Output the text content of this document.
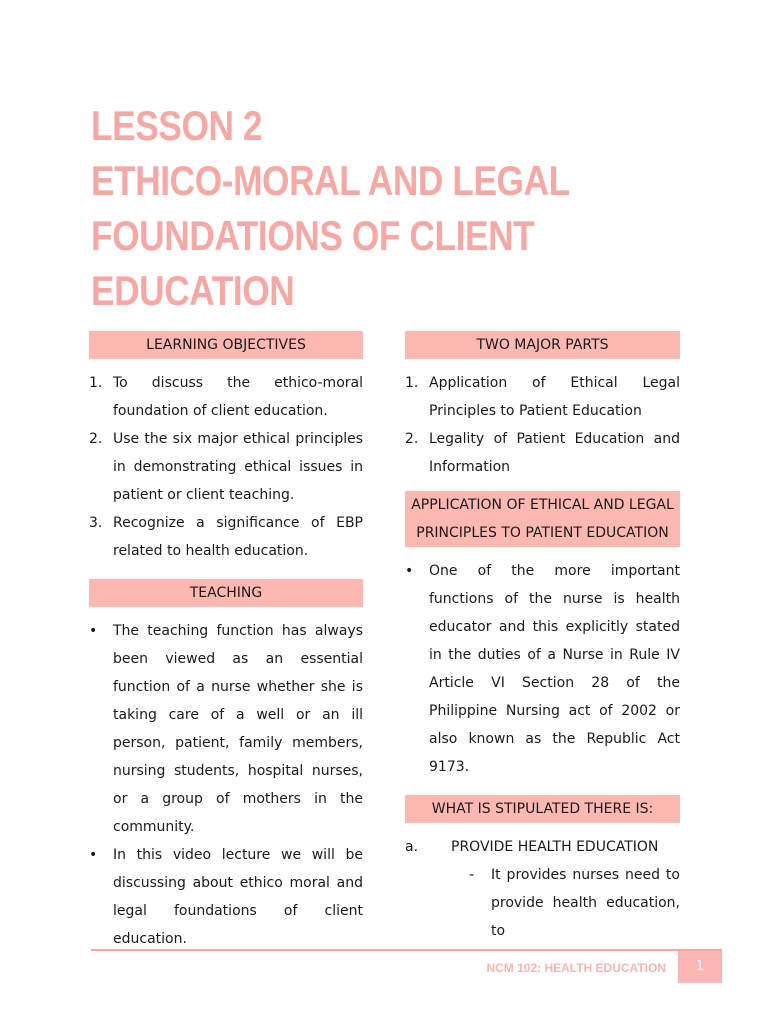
LESSON 2
ETHICO-MORAL AND LEGAL
FOUNDATIONS OF CLIENT
EDUCATION
LEARNING OBJECTIVES
1. To discuss the ethico-moral foundation of client education.
2. Use the six major ethical principles in demonstrating ethical issues in patient or client teaching.
3. Recognize a significance of EBP related to health education.
TEACHING
•	The teaching function has always been viewed as an essential function of a nurse whether she is taking care of a well or an ill person, patient, family members, nursing students, hospital nurses, or a group of mothers in the community.
•	In this video lecture we will be discussing about ethico moral and legal foundations of client education.
TWO MAJOR PARTS
1. Application of Ethical Legal Principles to Patient Education
2. Legality of Patient Education and Information
APPLICATION OF ETHICAL AND LEGAL PRINCIPLES TO PATIENT EDUCATION
•	One of the more important functions of the nurse is health educator and this explicitly stated in the duties of a Nurse in Rule IV Article VI Section 28 of the Philippine Nursing act of 2002 or also known as the Republic Act 9173.
WHAT IS STIPULATED THERE IS:
a.	PROVIDE HEALTH EDUCATION
- It provides nurses need to provide health education, to
NCM 102: HEALTH EDUCATION	1
